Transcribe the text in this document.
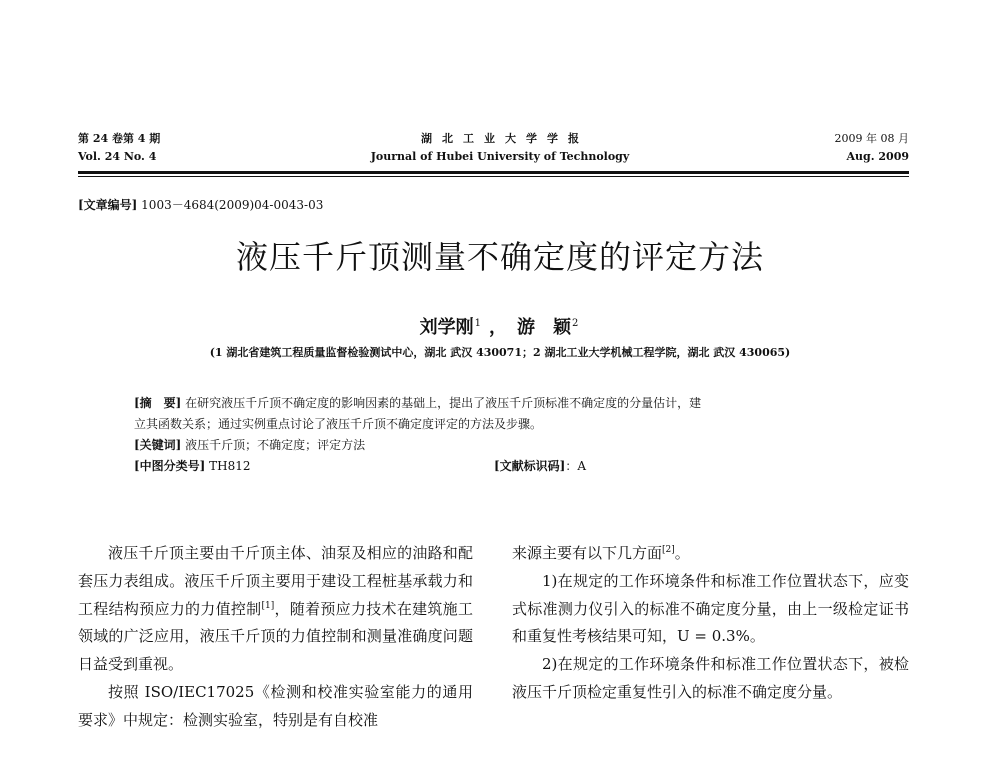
第 24 卷第 4 期
Vol. 24 No. 4
湖北工业大学学报
Journal of Hubei University of Technology
2009 年 08 月
Aug. 2009
[文章编号] 1003－4684(2009)04-0043-03
液压千斤顶测量不确定度的评定方法
刘学刚$^1$ ， 游　颖$^2$
(1 湖北省建筑工程质量监督检验测试中心，湖北 武汉 430071；2 湖北工业大学机械工程学院，湖北 武汉 430065)
[摘　要] 在研究液压千斤顶不确定度的影响因素的基础上，提出了液压千斤顶标准不确定度的分量估计，建
立其函数关系；通过实例重点讨论了液压千斤顶不确定度评定的方法及步骤。
[关键词] 液压千斤顶；不确定度；评定方法
[中图分类号] TH812	[文献标识码]：A

液压千斤顶主要由千斤顶主体、油泵及相应的油路和配套压力表组成。液压千斤顶主要用于建设工程桩基承载力和工程结构预应力的力值控制[1]，随着预应力技术在建筑施工领域的广泛应用，液压千斤顶的力值控制和测量准确度问题日益受到重视。

按照 ISO/IEC17025《检测和校准实验室能力的通用要求》中规定：检测实验室，特别是有自校准

来源主要有以下几方面[2]。

1)在规定的工作环境条件和标准工作位置状态下，应变式标准测力仪引入的标准不确定度分量，由上一级检定证书和重复性考核结果可知，U = 0.3%。

2)在规定的工作环境条件和标准工作位置状态下，被检液压千斤顶检定重复性引入的标准不确定度分量。
